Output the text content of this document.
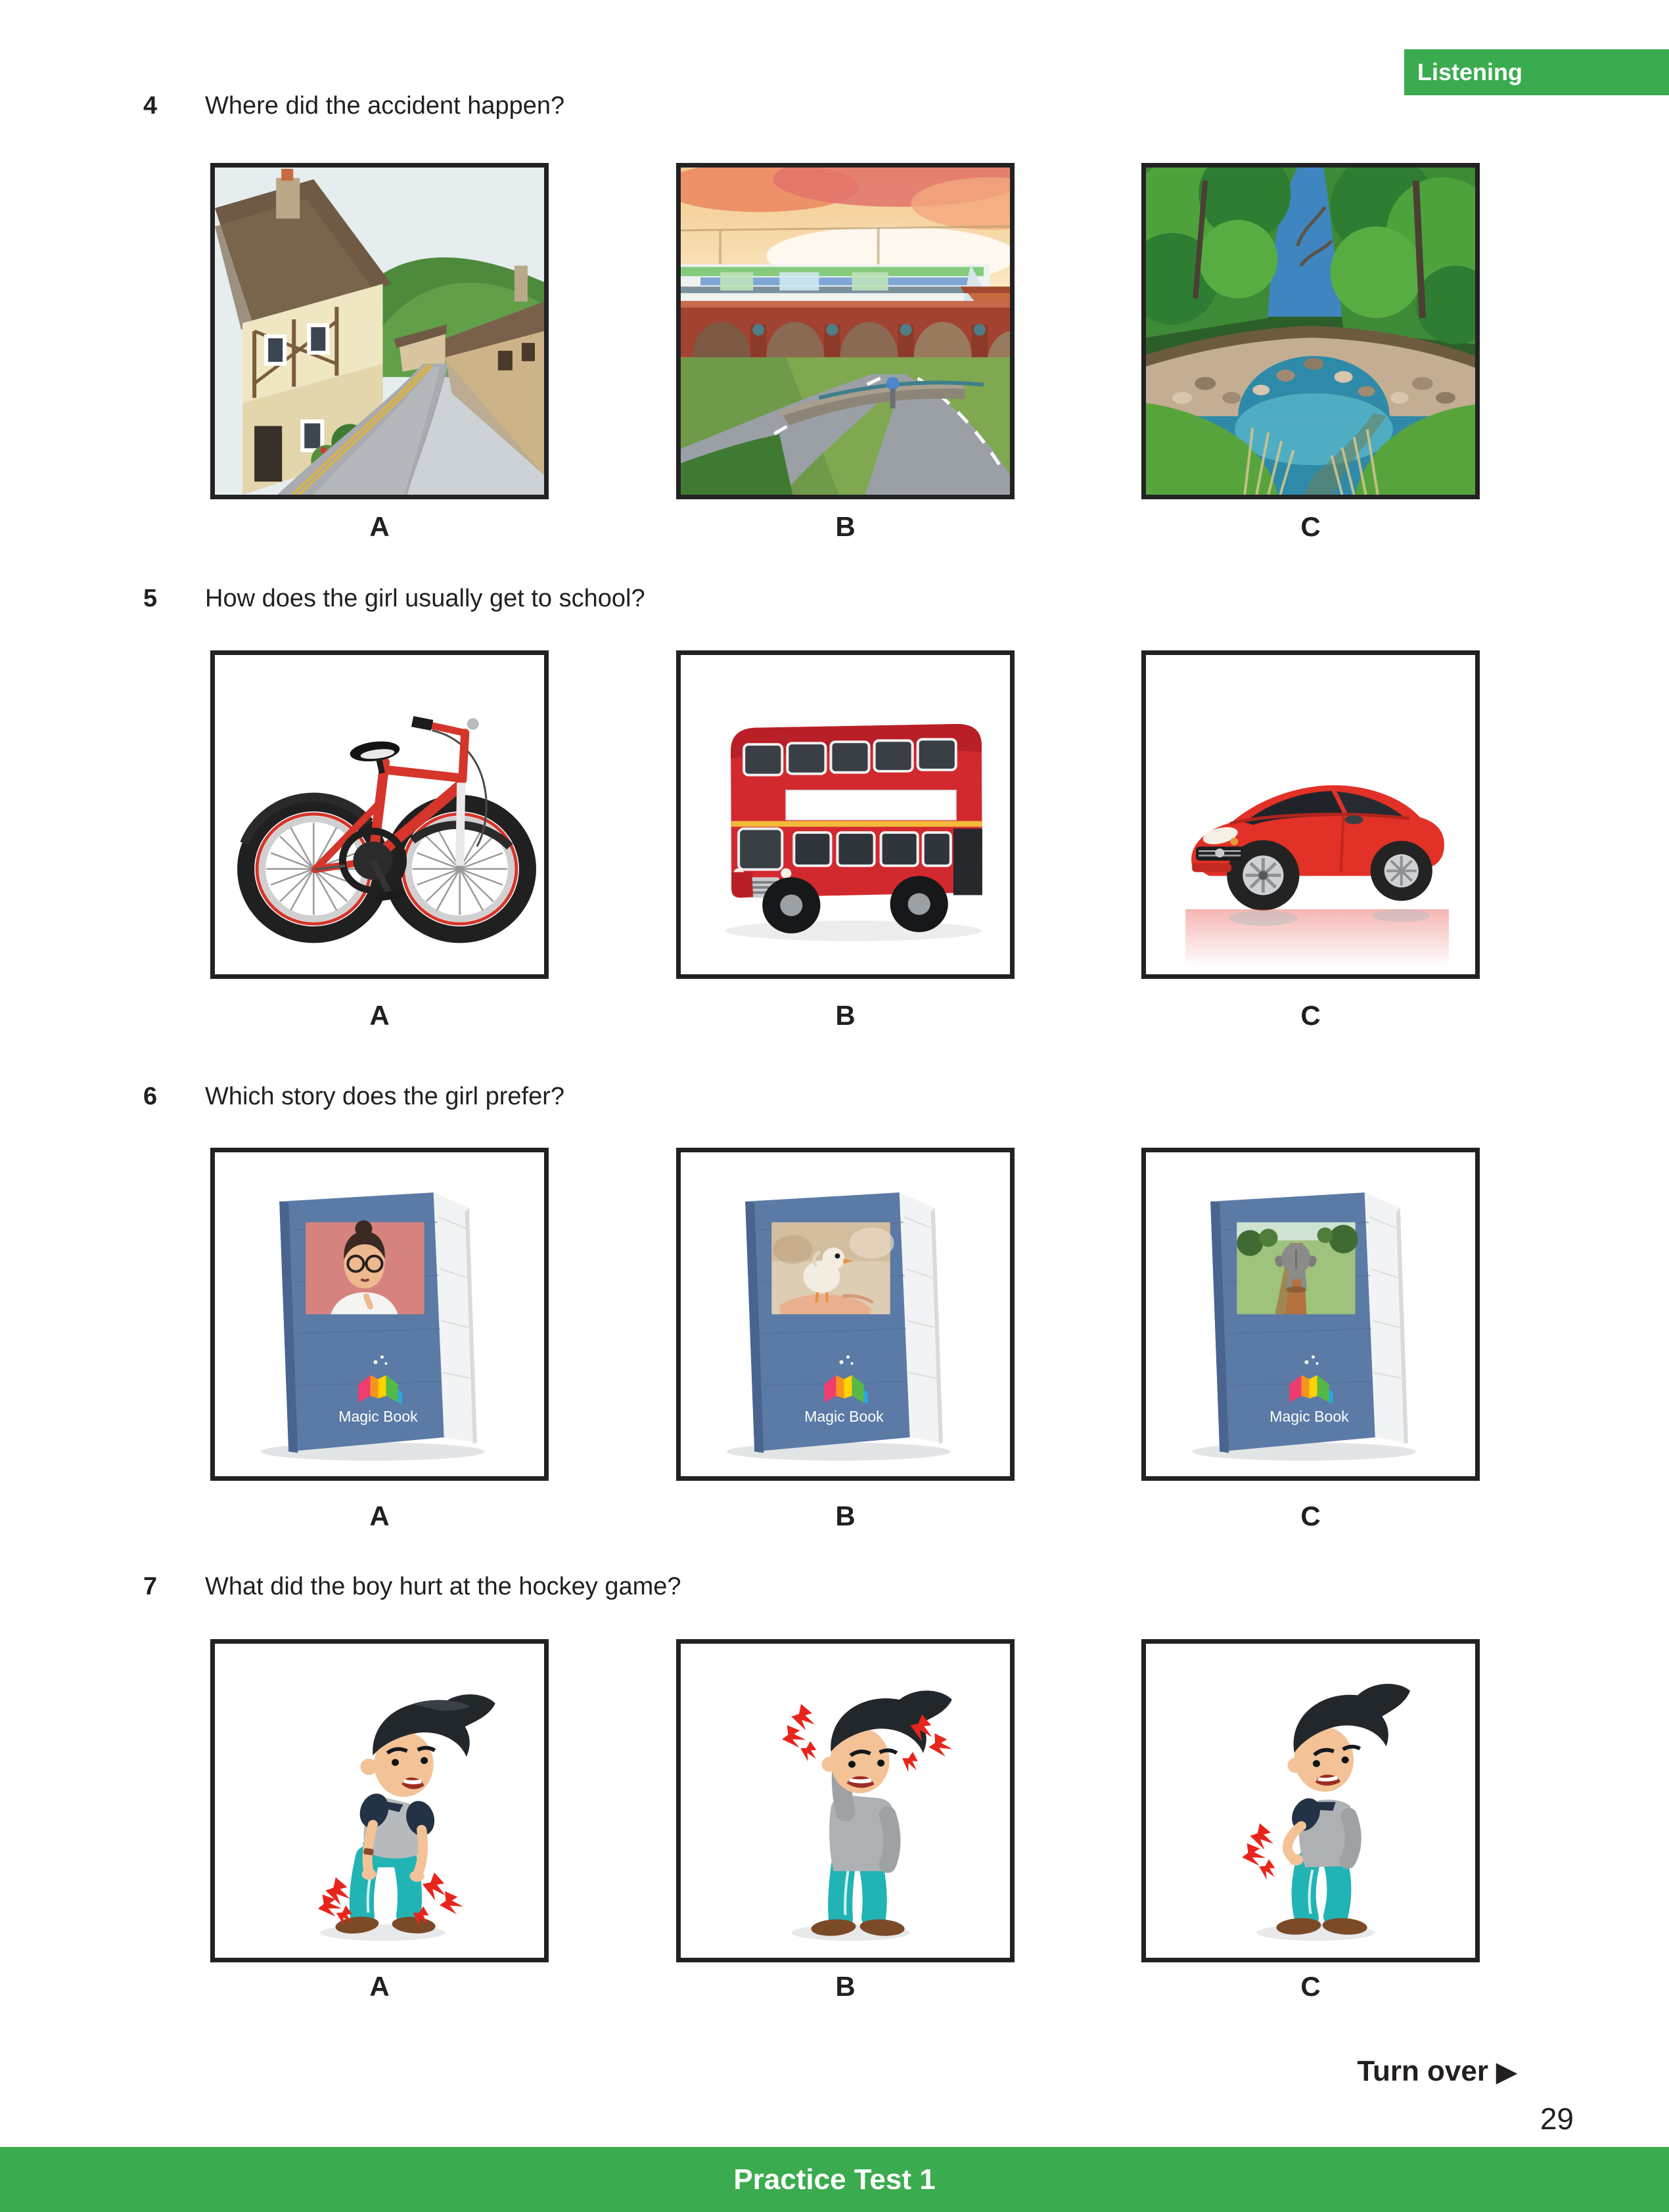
Listening
4 Where did the accident happen?
A	B	C
5 How does the girl usually get to school?
A	B	C
6 Which story does the girl prefer?
Magic Book	Magic Book	Magic Book
A	B	C
7 What did the boy hurt at the hockey game?
A	B	C
Turn over ▶
29
Practice Test 1
